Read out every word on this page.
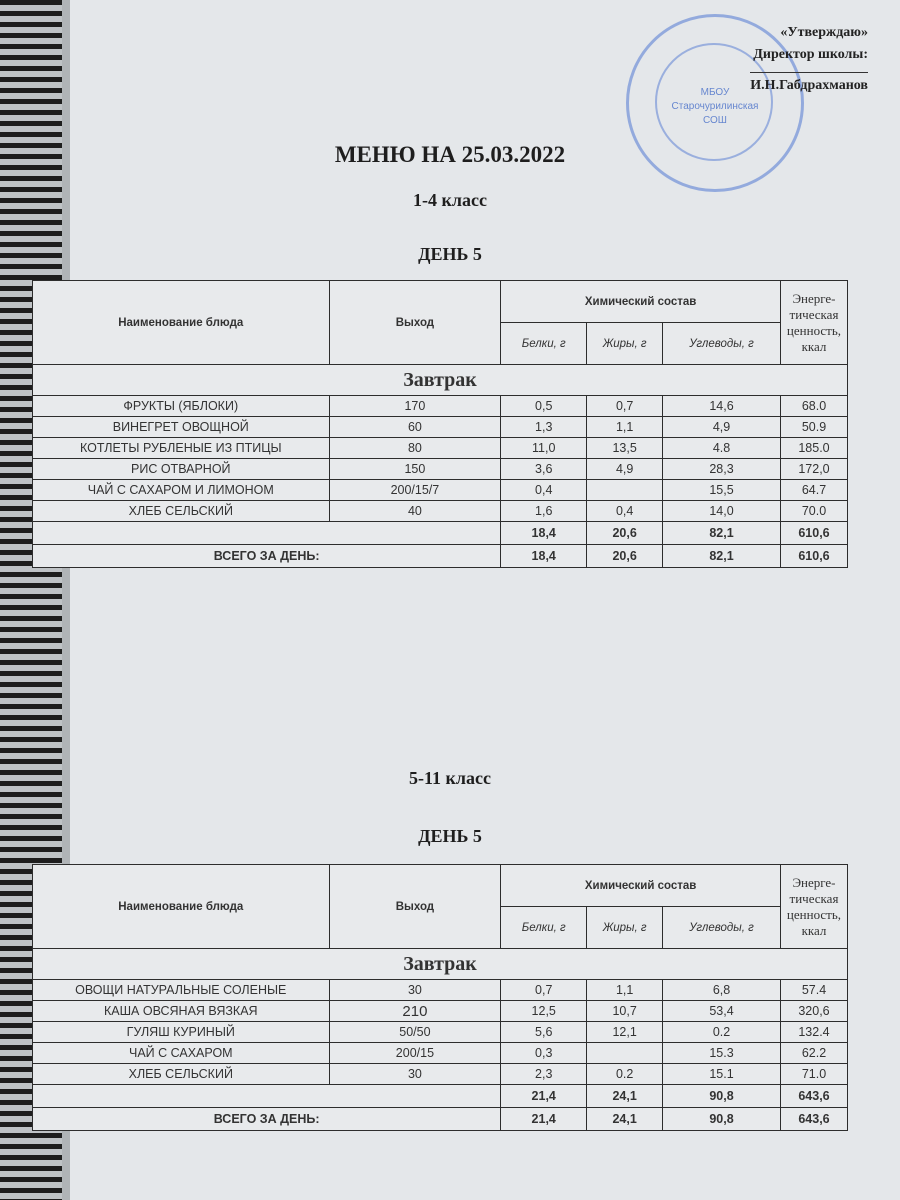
МБОУ
Старочурилинская
СОШ
«Утверждаю»
Директор школы:
И.Н.Габдрахманов
МЕНЮ НА 25.03.2022
1-4 класс
ДЕНЬ 5
Наименование блюда	Выход	Химический состав			Энерге-тическая ценность, ккал
		Белки, г	Жиры, г	Углеводы, г	
Завтрак					
ФРУКТЫ (ЯБЛОКИ)	170	0,5	0,7	14,6	68.0
ВИНЕГРЕТ ОВОЩНОЙ	60	1,3	1,1	4,9	50.9
КОТЛЕТЫ РУБЛЕНЫЕ ИЗ ПТИЦЫ	80	11,0	13,5	4.8	185.0
РИС ОТВАРНОЙ	150	3,6	4,9	28,3	172,0
ЧАЙ С САХАРОМ И ЛИМОНОМ	200/15/7	0,4		15,5	64.7
ХЛЕБ СЕЛЬСКИЙ	40	1,6	0,4	14,0	70.0
		18,4	20,6	82,1	610,6
ВСЕГО ЗА ДЕНЬ:		18,4	20,6	82,1	610,6
5-11 класс
ДЕНЬ 5
Наименование блюда	Выход	Химический состав			Энерге-тическая ценность, ккал
		Белки, г	Жиры, г	Углеводы, г	
Завтрак					
ОВОЩИ НАТУРАЛЬНЫЕ СОЛЕНЫЕ	30	0,7	1,1	6,8	57.4
КАША ОВСЯНАЯ ВЯЗКАЯ	210	12,5	10,7	53,4	320,6
ГУЛЯШ КУРИНЫЙ	50/50	5,6	12,1	0.2	132.4
ЧАЙ С САХАРОМ	200/15	0,3		15.3	62.2
ХЛЕБ СЕЛЬСКИЙ	30	2,3	0.2	15.1	71.0
		21,4	24,1	90,8	643,6
ВСЕГО ЗА ДЕНЬ:		21,4	24,1	90,8	643,6
